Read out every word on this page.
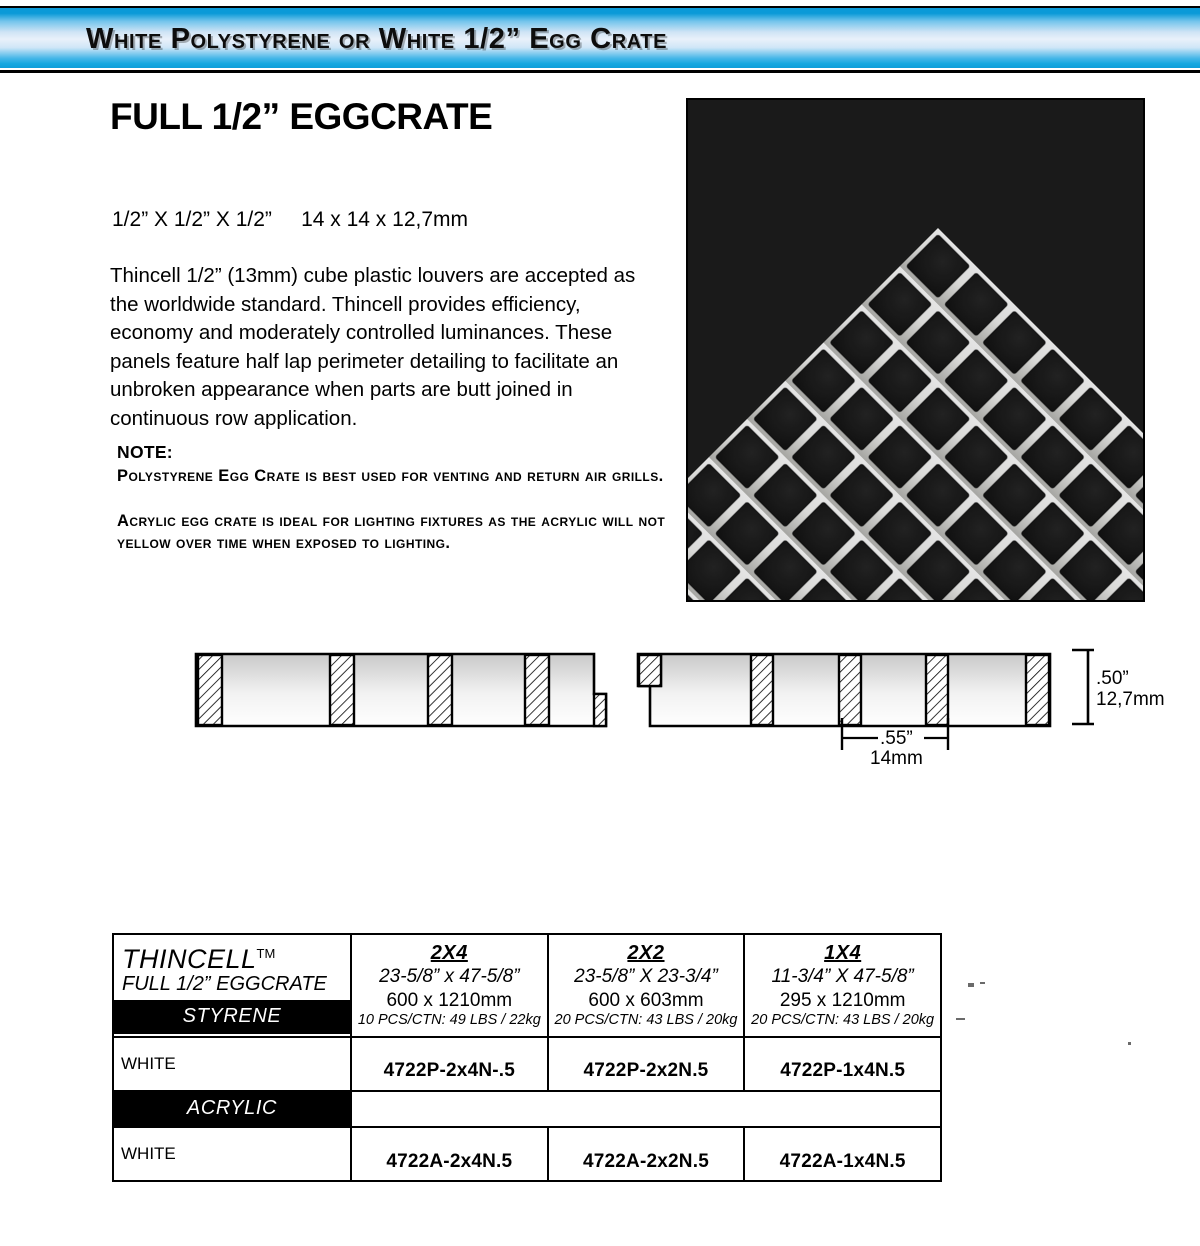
White Polystyrene or White 1/2” Egg Crate
FULL 1/2” EGGCRATE
1/2” X 1/2” X 1/2”     14 x 14 x 12,7mm
Thincell 1/2” (13mm) cube plastic louvers are accepted as the worldwide standard. Thincell provides efficiency, economy and moderately controlled luminances. These panels feature half lap perimeter detailing to facilitate an unbroken appearance when parts are butt joined in continuous row application.
NOTE:
Polystyrene Egg Crate is best used for venting and return air grills.
Acrylic egg crate is ideal for lighting fixtures as the acrylic will not yellow over time when exposed to lighting.
.50”
12,7mm
.55”
14mm
THINCELL™
FULL 1/2” EGGCRATE
STYRENE

2X4
23-5/8” x 47-5/8”
600 x 1210mm
10 PCS/CTN: 49 LBS / 22kg

2X2
23-5/8” X 23-3/4”
600 x 603mm
20 PCS/CTN: 43 LBS / 20kg

1X4
11-3/4” X 47-5/8”
295 x 1210mm
20 PCS/CTN: 43 LBS / 20kg

WHITE	4722P-2x4N-.5	4722P-2x2N.5	4722P-1x4N.5

ACRYLIC			

WHITE	4722A-2x4N.5	4722A-2x2N.5	4722A-1x4N.5
